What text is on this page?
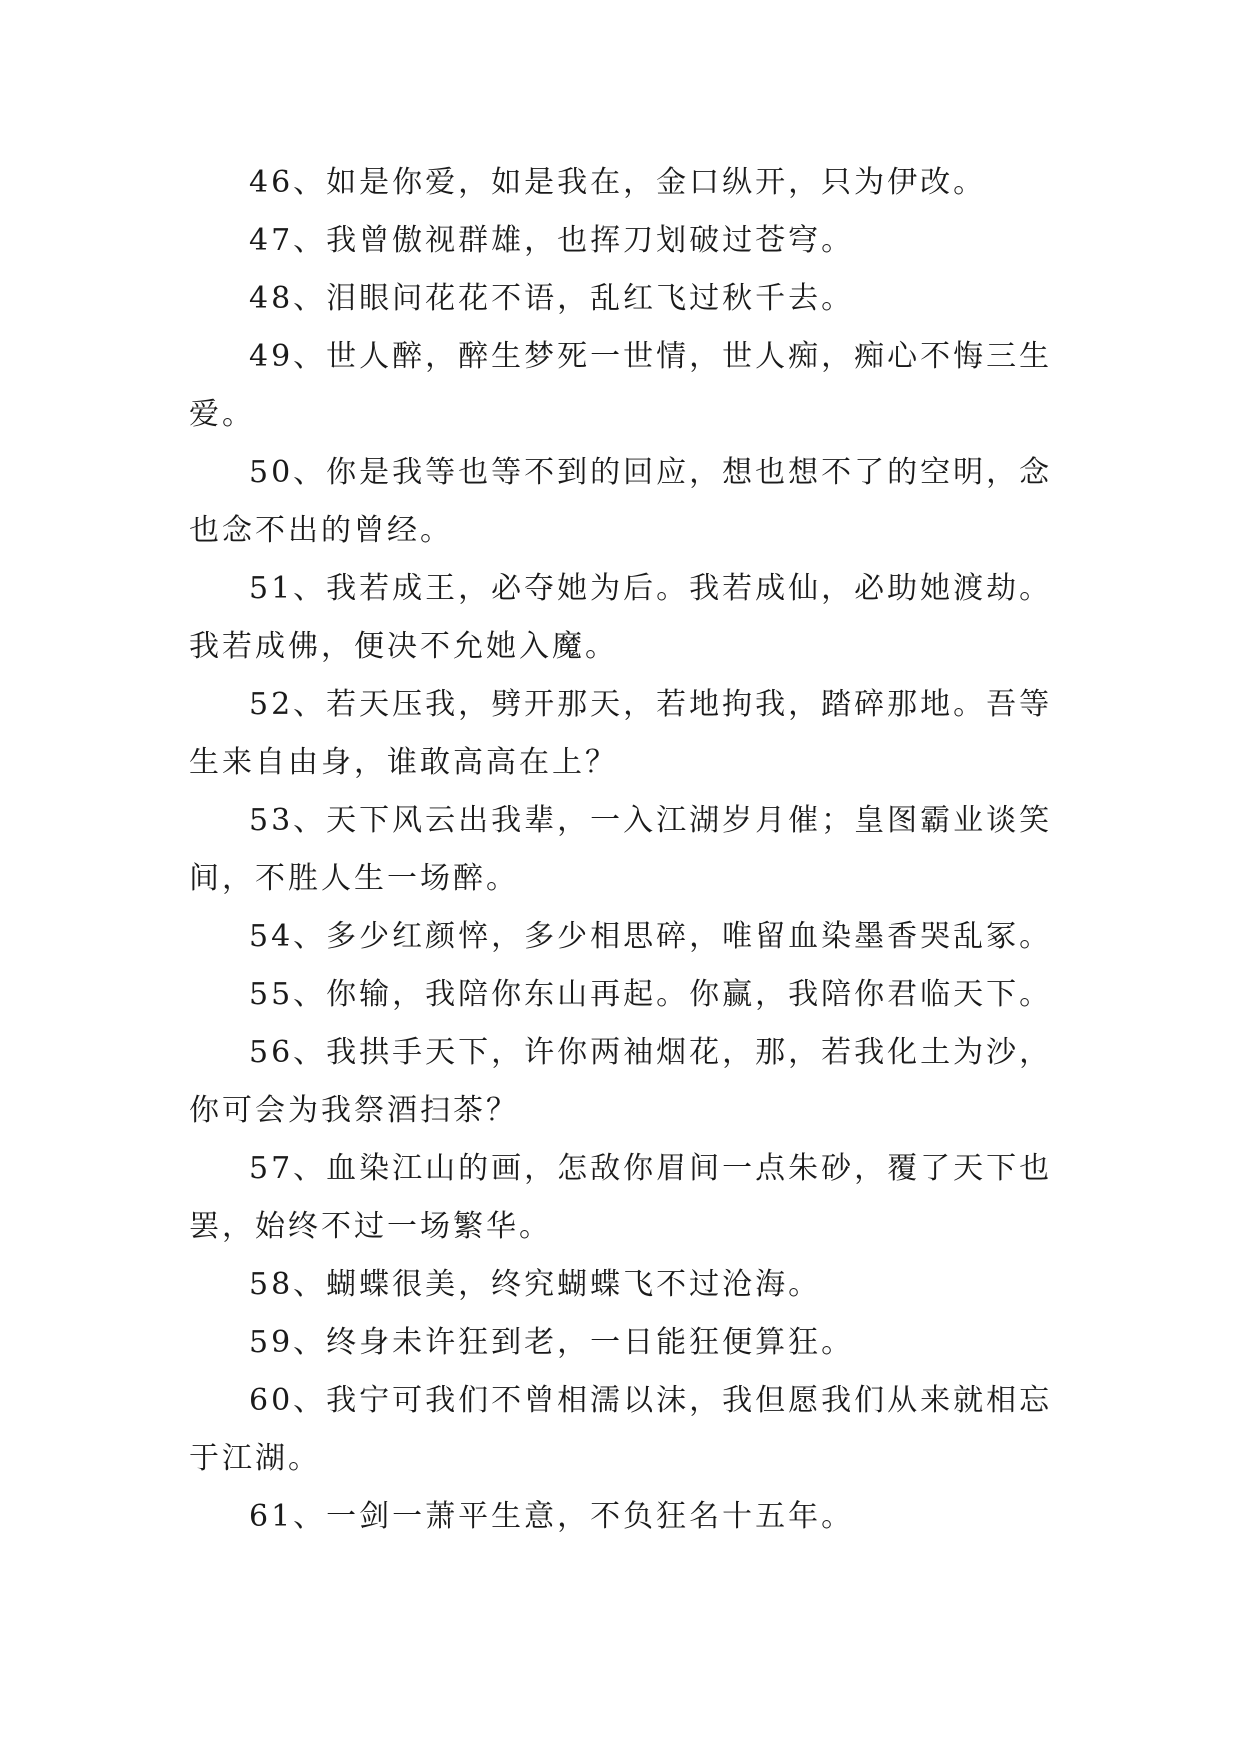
46、如是你爱，如是我在，金口纵开，只为伊改。

47、我曾傲视群雄，也挥刀划破过苍穹。

48、泪眼问花花不语，乱红飞过秋千去。

49、世人醉，醉生梦死一世情，世人痴，痴心不悔三生爱。

50、你是我等也等不到的回应，想也想不了的空明，念也念不出的曾经。

51、我若成王，必夺她为后。我若成仙，必助她渡劫。我若成佛，便决不允她入魔。

52、若天压我，劈开那天，若地拘我，踏碎那地。吾等生来自由身，谁敢高高在上？

53、天下风云出我辈，一入江湖岁月催；皇图霸业谈笑间，不胜人生一场醉。

54、多少红颜悴，多少相思碎，唯留血染墨香哭乱冢。

55、你输，我陪你东山再起。你赢，我陪你君临天下。

56、我拱手天下，许你两袖烟花，那，若我化土为沙，你可会为我祭酒扫茶？

57、血染江山的画，怎敌你眉间一点朱砂，覆了天下也罢，始终不过一场繁华。

58、蝴蝶很美，终究蝴蝶飞不过沧海。

59、终身未许狂到老，一日能狂便算狂。

60、我宁可我们不曾相濡以沫，我但愿我们从来就相忘于江湖。

61、一剑一萧平生意，不负狂名十五年。
